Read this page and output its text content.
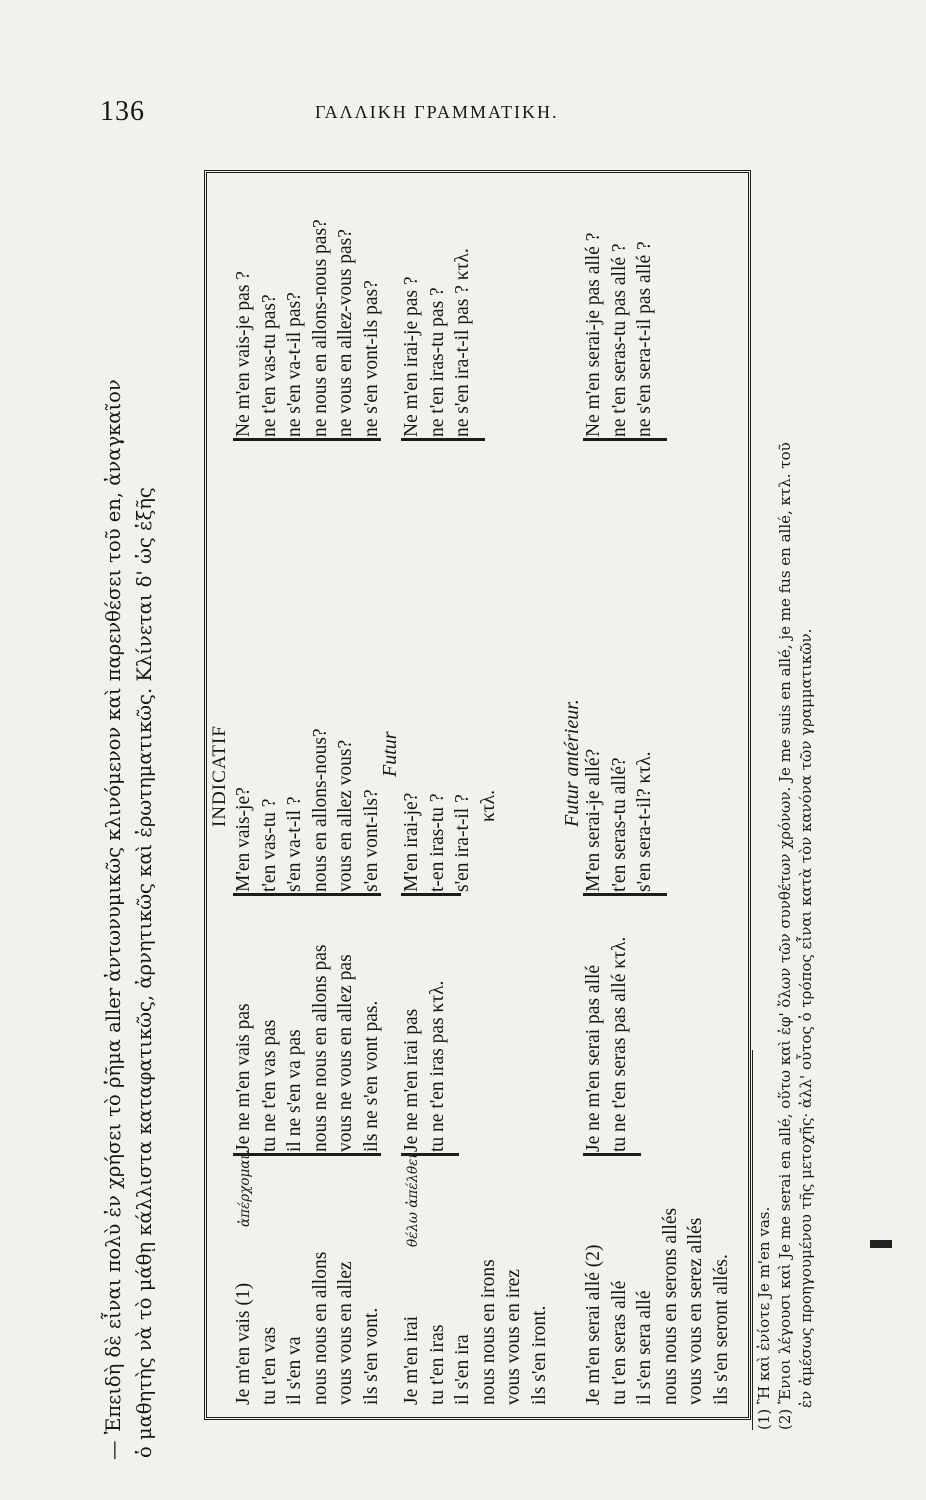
136	ΓΑΛΛΙΚΗ ΓΡΑΜΜΑΤΙΚΗ.

— Ἐπειδὴ δὲ εἶναι πολὺ ἐν χρήσει τὸ ῥῆμα aller ἀντωνυμικῶς κλινόμενον καὶ παρενθέσει τοῦ en, ἀναγκαῖον ὁ μαθητὴς νὰ τὸ μάθῃ κάλλιστα καταφατικῶς, ἀρνητικῶς καὶ ἐρωτηματικῶς. Κλίνεται δ' ὡς ἑξῆς	INDICATIF
Je m'en vais (1) tu t'en vas il s'en va nous nous en allons vous vous en allez ils s'en vont.
ἀπέρχομαι.
Je ne m'en vais pas tu ne t'en vas pas il ne s'en va pas nous ne nous en allons pas vous ne vous en allez pas ils ne s'en vont pas.
M'en vais-je? t'en vas-tu ? s'en va-t-il ? nous en allons-nous? vous en allez vous? s'en vont-ils?
Ne m'en vais-je pas ? ne t'en vas-tu pas? ne s'en va-t-il pas? ne nous en allons-nous pas? ne vous en allez-vous pas? ne s'en vont-ils pas?
Futur
Je m'en irai tu t'en iras il s'en ira nous nous en irons vous vous en irez ils s'en iront.
θέλω ἀπέλθει
Je ne m'en irai pas tu ne t'en iras pas κτλ.
M'en irai-je? t-en iras-tu ? s'en ira-t-il ? κτλ.
Ne m'en irai-je pas ? ne t'en iras-tu pas ? ne s'en ira-t-il pas ? κτλ.
Futur antérieur.
Je m'en serai allé (2) tu t'en seras allé il s'en sera allé nous nous en serons allés vous vous en serez allés ils s'en seront allés.
Je ne m'en serai pas allé tu ne t'en seras pas allé κτλ.
M'en serai-je allé? t'en seras-tu allé? s'en sera-t-il? κτλ.
Ne m'en serai-je pas allé ? ne t'en seras-tu pas allé ? ne s'en sera-t-il pas allé ?

(1) Ἢ καὶ ἐνίοτε Je m'en vas. (2) Ἔνιοι λέγουσι καὶ Je me serai en allé, οὕτω καὶ ἐφ' ὅλων τῶν συνθέτων χρόνων. Je me suis en allé, je me fus en allé, κτλ. τοῦ ἐν ἀμέσως προηγουμένου τῆς μετοχῆς· ἀλλ' οὗτος ὁ τρόπος εἶναι κατὰ τὸν κανόνα τῶν γραμματικῶν.
